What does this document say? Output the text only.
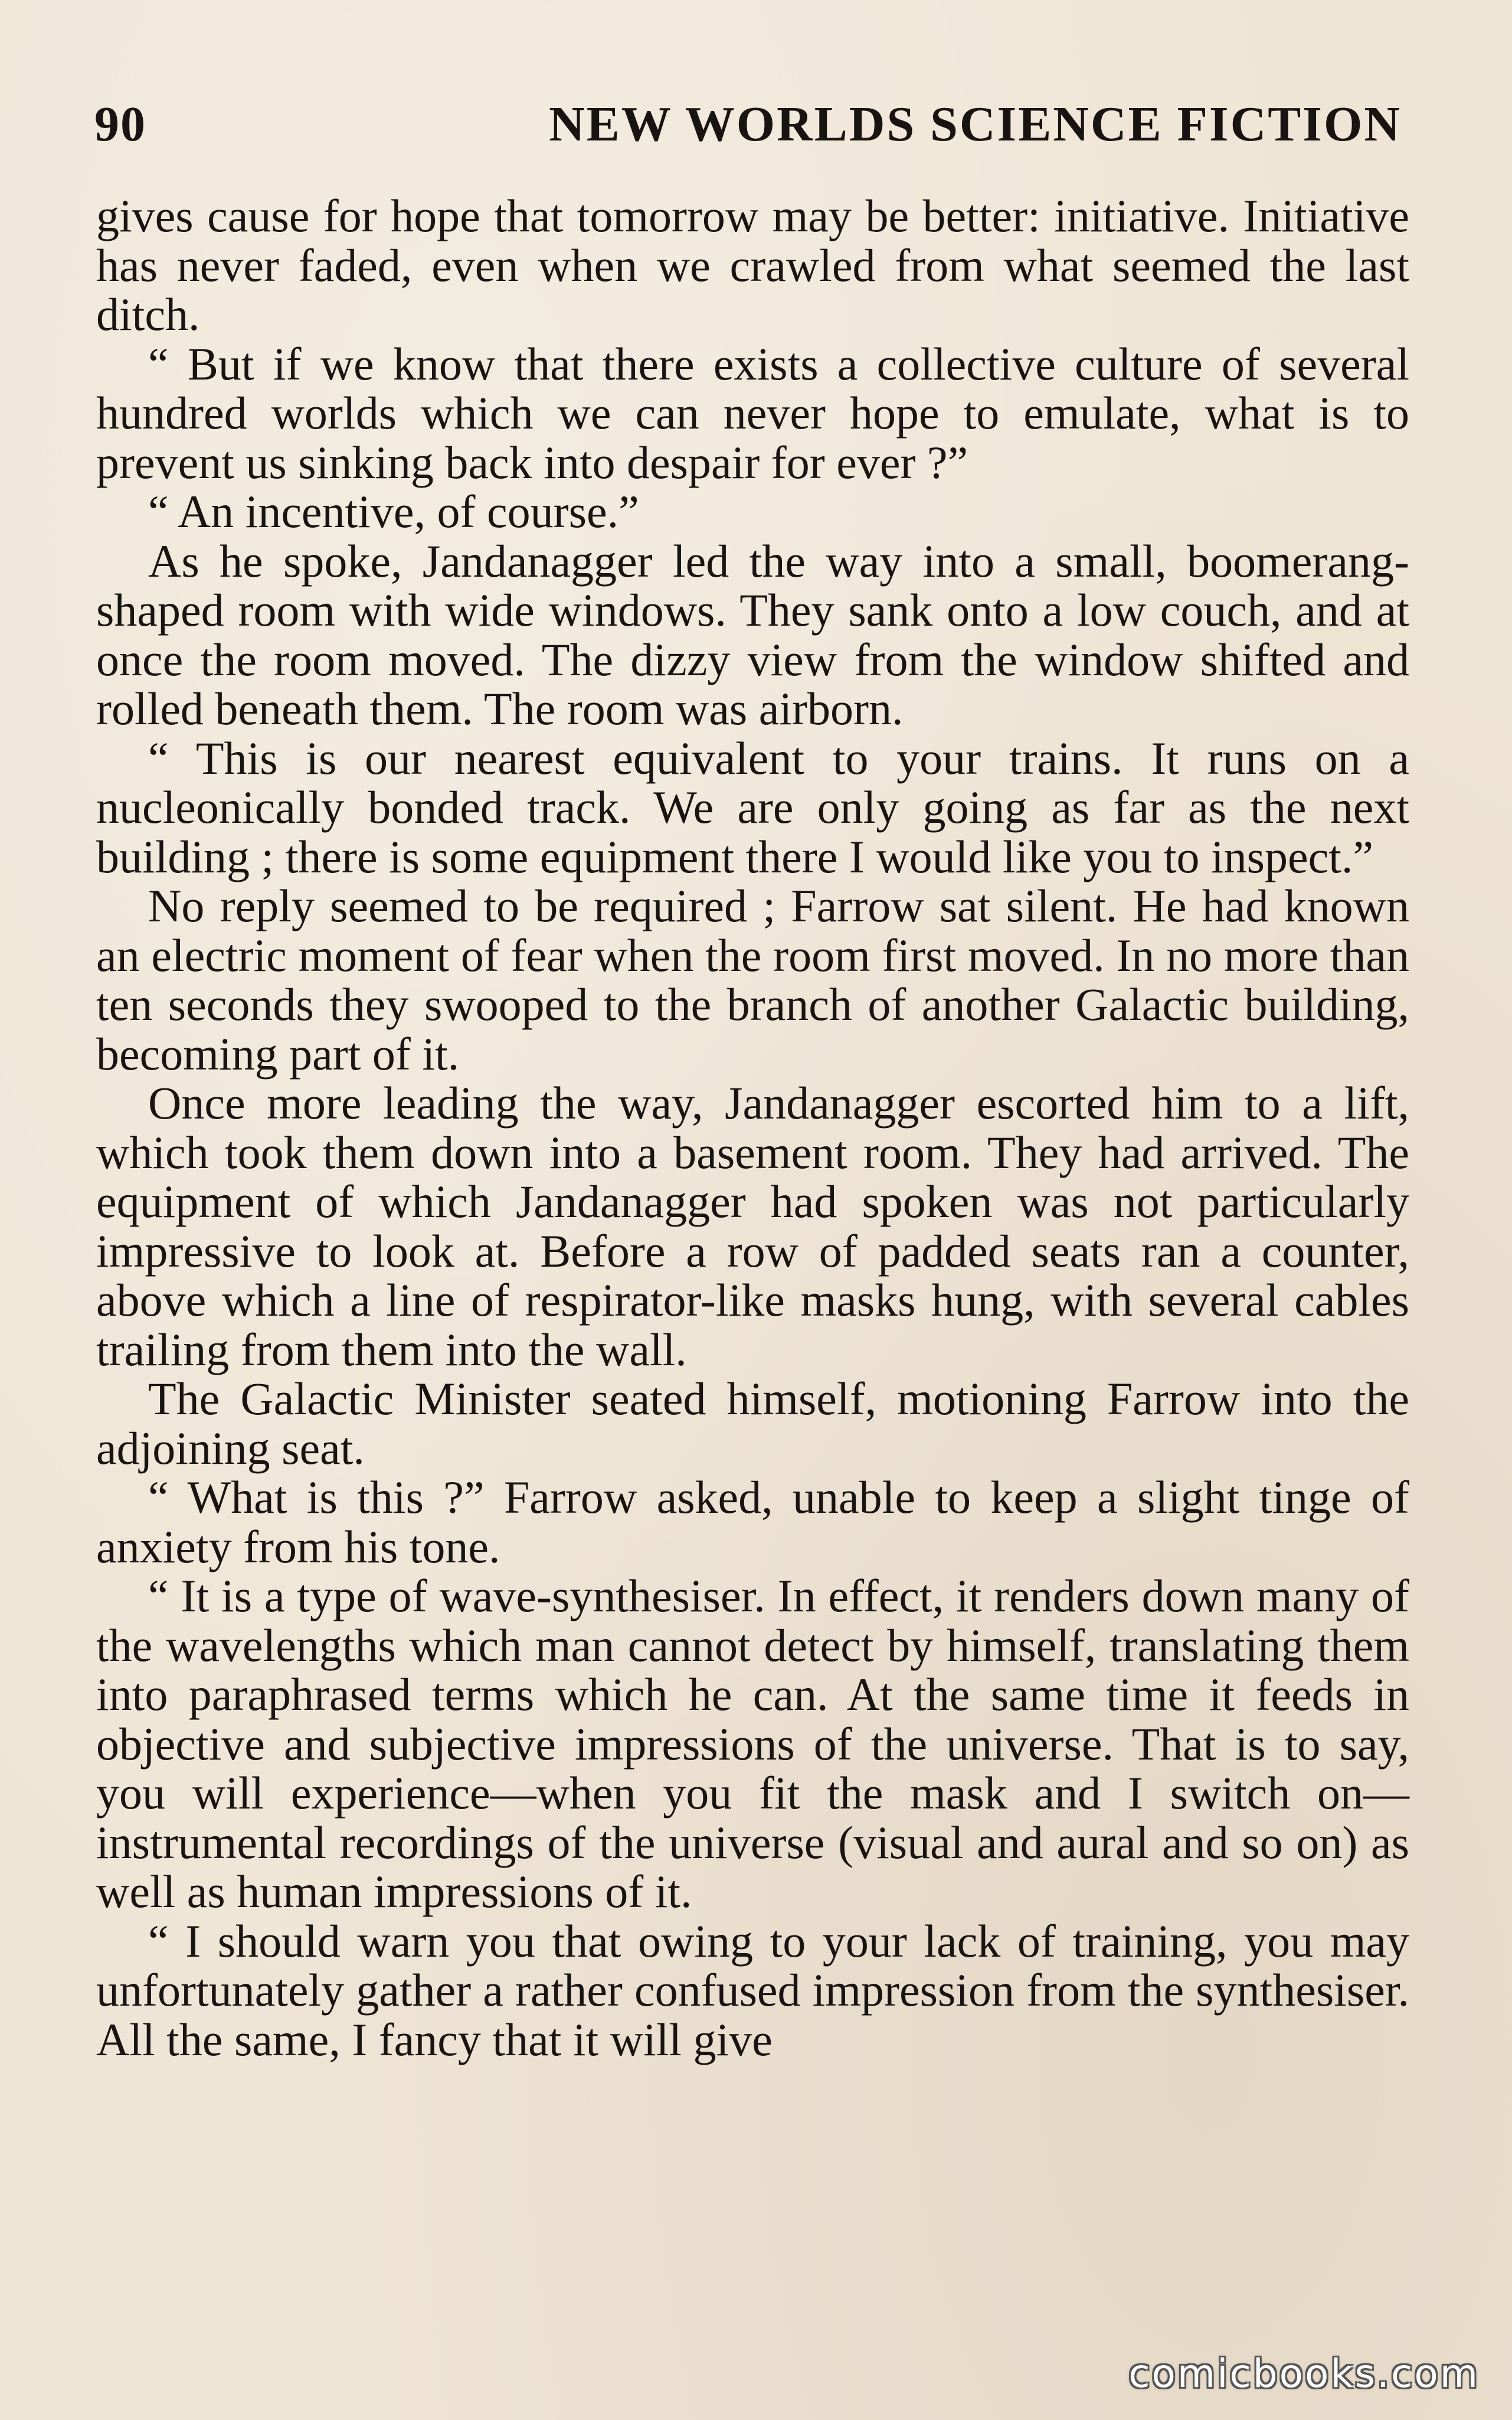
90	NEW WORLDS SCIENCE FICTION

gives cause for hope that tomorrow may be better: initiative. Initiative has never faded, even when we crawled from what seemed the last ditch.

“ But if we know that there exists a collective culture of several hundred worlds which we can never hope to emulate, what is to prevent us sinking back into despair for ever ?”

“ An incentive, of course.”

As he spoke, Jandanagger led the way into a small, boomerang-shaped room with wide windows. They sank onto a low couch, and at once the room moved. The dizzy view from the window shifted and rolled beneath them. The room was airborn.

“ This is our nearest equivalent to your trains. It runs on a nucleonically bonded track. We are only going as far as the next building ; there is some equipment there I would like you to inspect.”

No reply seemed to be required ; Farrow sat silent. He had known an electric moment of fear when the room first moved. In no more than ten seconds they swooped to the branch of another Galactic building, becoming part of it.

Once more leading the way, Jandanagger escorted him to a lift, which took them down into a basement room. They had arrived. The equipment of which Jandanagger had spoken was not particularly impressive to look at. Before a row of padded seats ran a counter, above which a line of respirator-like masks hung, with several cables trailing from them into the wall.

The Galactic Minister seated himself, motioning Farrow into the adjoining seat.

“ What is this ?” Farrow asked, unable to keep a slight tinge of anxiety from his tone.

“ It is a type of wave-synthesiser. In effect, it renders down many of the wavelengths which man cannot detect by himself, translating them into paraphrased terms which he can. At the same time it feeds in objective and subjective impressions of the universe. That is to say, you will experience—when you fit the mask and I switch on—instrumental recordings of the universe (visual and aural and so on) as well as human impressions of it.

“ I should warn you that owing to your lack of training, you may unfortunately gather a rather confused impression from the synthesiser. All the same, I fancy that it will give

comicbooks.com
